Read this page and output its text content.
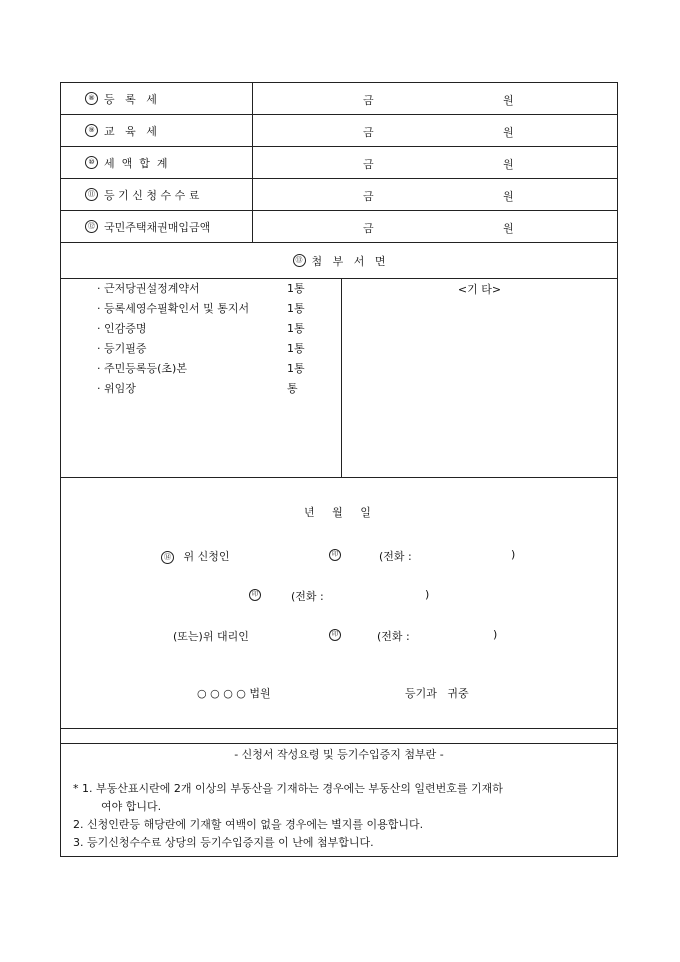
⑧ 등   록   세	금	원
⑨ 교   육   세	금	원
⑩ 세  액  합  계	금	원
⑪ 등 기 신 청 수 수 료	금	원
⑫ 국민주택채권매입금액	금	원
⑬ 첨   부   서   면
· 근저당권설정계약서	1통
· 등록세영수필확인서 및 통지서	1통
· 인감증명	1통
· 등기필증	1통
· 주민등록등(초)본	1통
· 위임장	통
<기 타>
년     월     일
⑭ 위 신청인	印	(전화 :	)
印	(전화 :	)
(또는)위 대리인	印	(전화 :	)
○ ○ ○ ○ 법원	등기과   귀중
- 신청서 작성요령 및 등기수입증지 첨부란 -
* 1. 부동산표시란에 2개 이상의 부동산을 기재하는 경우에는 부동산의 일련번호를 기재하
여야 합니다.
2. 신청인란등 해당란에 기재할 여백이 없을 경우에는 별지를 이용합니다.
3. 등기신청수수료 상당의 등기수입증지를 이 난에 첨부합니다.
